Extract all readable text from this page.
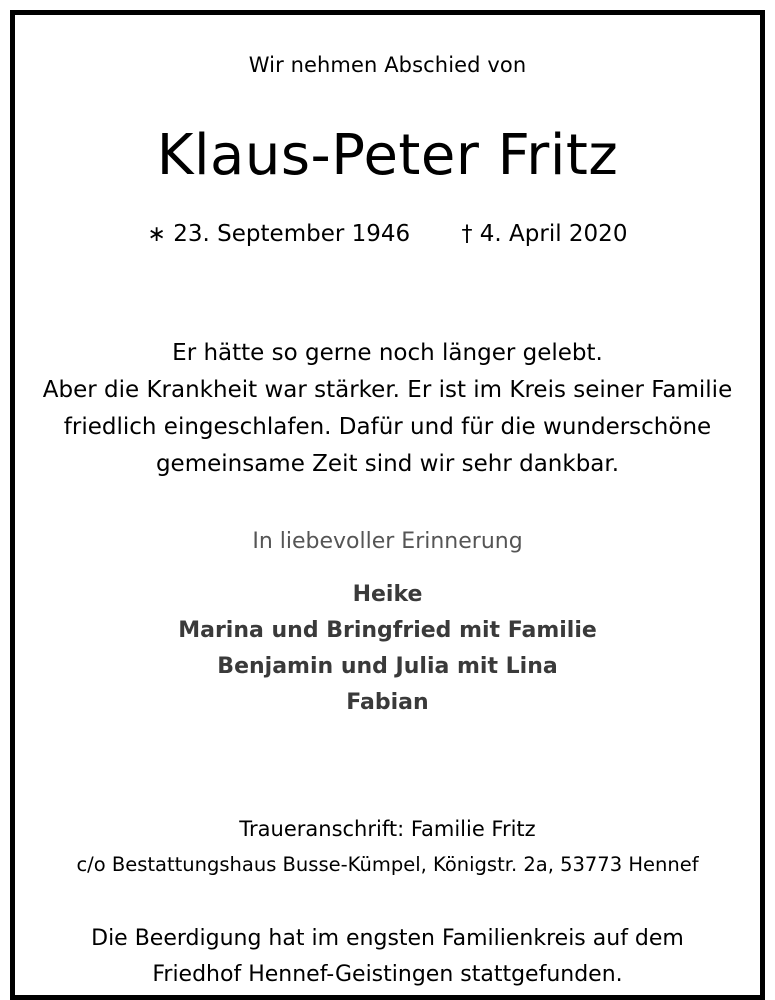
Wir nehmen Abschied von
Klaus-Peter Fritz
∗ 23. September 1946 † 4. April 2020
Er hätte so gerne noch länger gelebt.
Aber die Krankheit war stärker. Er ist im Kreis seiner Familie
friedlich eingeschlafen. Dafür und für die wunderschöne
gemeinsame Zeit sind wir sehr dankbar.
In liebevoller Erinnerung
Heike
Marina und Bringfried mit Familie
Benjamin und Julia mit Lina
Fabian
Traueranschrift: Familie Fritz
c/o Bestattungshaus Busse-Kümpel, Königstr. 2a, 53773 Hennef
Die Beerdigung hat im engsten Familienkreis auf dem
Friedhof Hennef-Geistingen stattgefunden.
